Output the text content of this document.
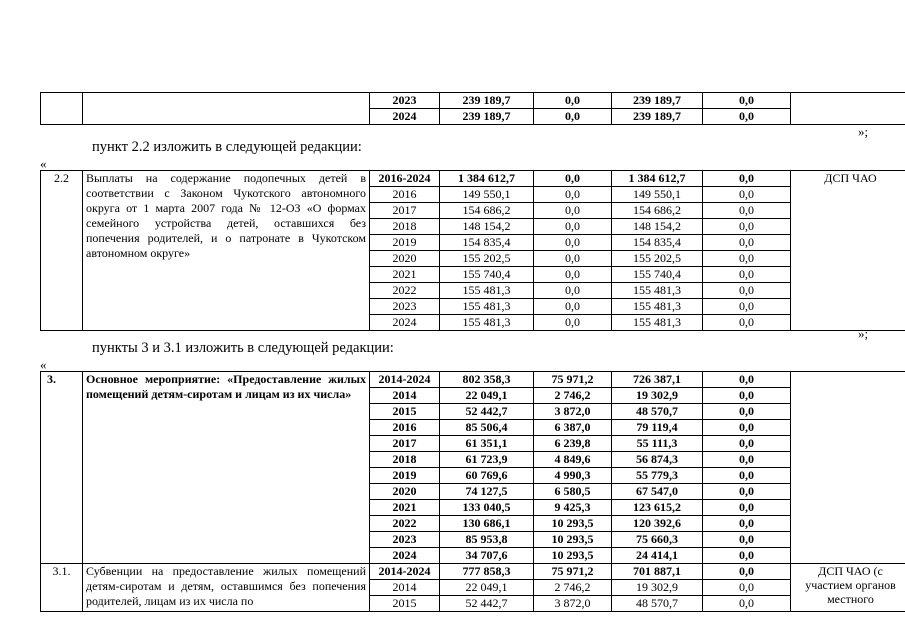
		2023	239 189,7	0,0	239 189,7	0,0	
		2024	239 189,7	0,0	239 189,7	0,0	
»;
пункт 2.2 изложить в следующей редакции:
«
2.2	Выплаты на содержание подопечных детей в соответствии с Законом Чукотского автономного округа от 1 марта 2007 года № 12-ОЗ «О формах семейного устройства детей, оставшихся без попечения родителей, и о патронате в Чукотском автономном округе»	2016-2024	1 384 612,7	0,0	1 384 612,7	0,0	ДСП ЧАО
		2016	149 550,1	0,0	149 550,1	0,0	
		2017	154 686,2	0,0	154 686,2	0,0	
		2018	148 154,2	0,0	148 154,2	0,0	
		2019	154 835,4	0,0	154 835,4	0,0	
		2020	155 202,5	0,0	155 202,5	0,0	
		2021	155 740,4	0,0	155 740,4	0,0	
		2022	155 481,3	0,0	155 481,3	0,0	
		2023	155 481,3	0,0	155 481,3	0,0	
		2024	155 481,3	0,0	155 481,3	0,0	
»;
пункты 3 и 3.1 изложить в следующей редакции:
«
3.	Основное мероприятие: «Предоставление жилых помещений детям-сиротам и лицам из их числа»	2014-2024	802 358,3	75 971,2	726 387,1	0,0	
		2014	22 049,1	2 746,2	19 302,9	0,0	
		2015	52 442,7	3 872,0	48 570,7	0,0	
		2016	85 506,4	6 387,0	79 119,4	0,0	
		2017	61 351,1	6 239,8	55 111,3	0,0	
		2018	61 723,9	4 849,6	56 874,3	0,0	
		2019	60 769,6	4 990,3	55 779,3	0,0	
		2020	74 127,5	6 580,5	67 547,0	0,0	
		2021	133 040,5	9 425,3	123 615,2	0,0	
		2022	130 686,1	10 293,5	120 392,6	0,0	
		2023	85 953,8	10 293,5	75 660,3	0,0	
		2024	34 707,6	10 293,5	24 414,1	0,0	
3.1.	Субвенции на предоставление жилых помещений детям-сиротам и детям, оставшимся без попечения родителей, лицам из их числа по	2014-2024	777 858,3	75 971,2	701 887,1	0,0	ДСП ЧАО (с участием органов местного
		2014	22 049,1	2 746,2	19 302,9	0,0	
		2015	52 442,7	3 872,0	48 570,7	0,0	
